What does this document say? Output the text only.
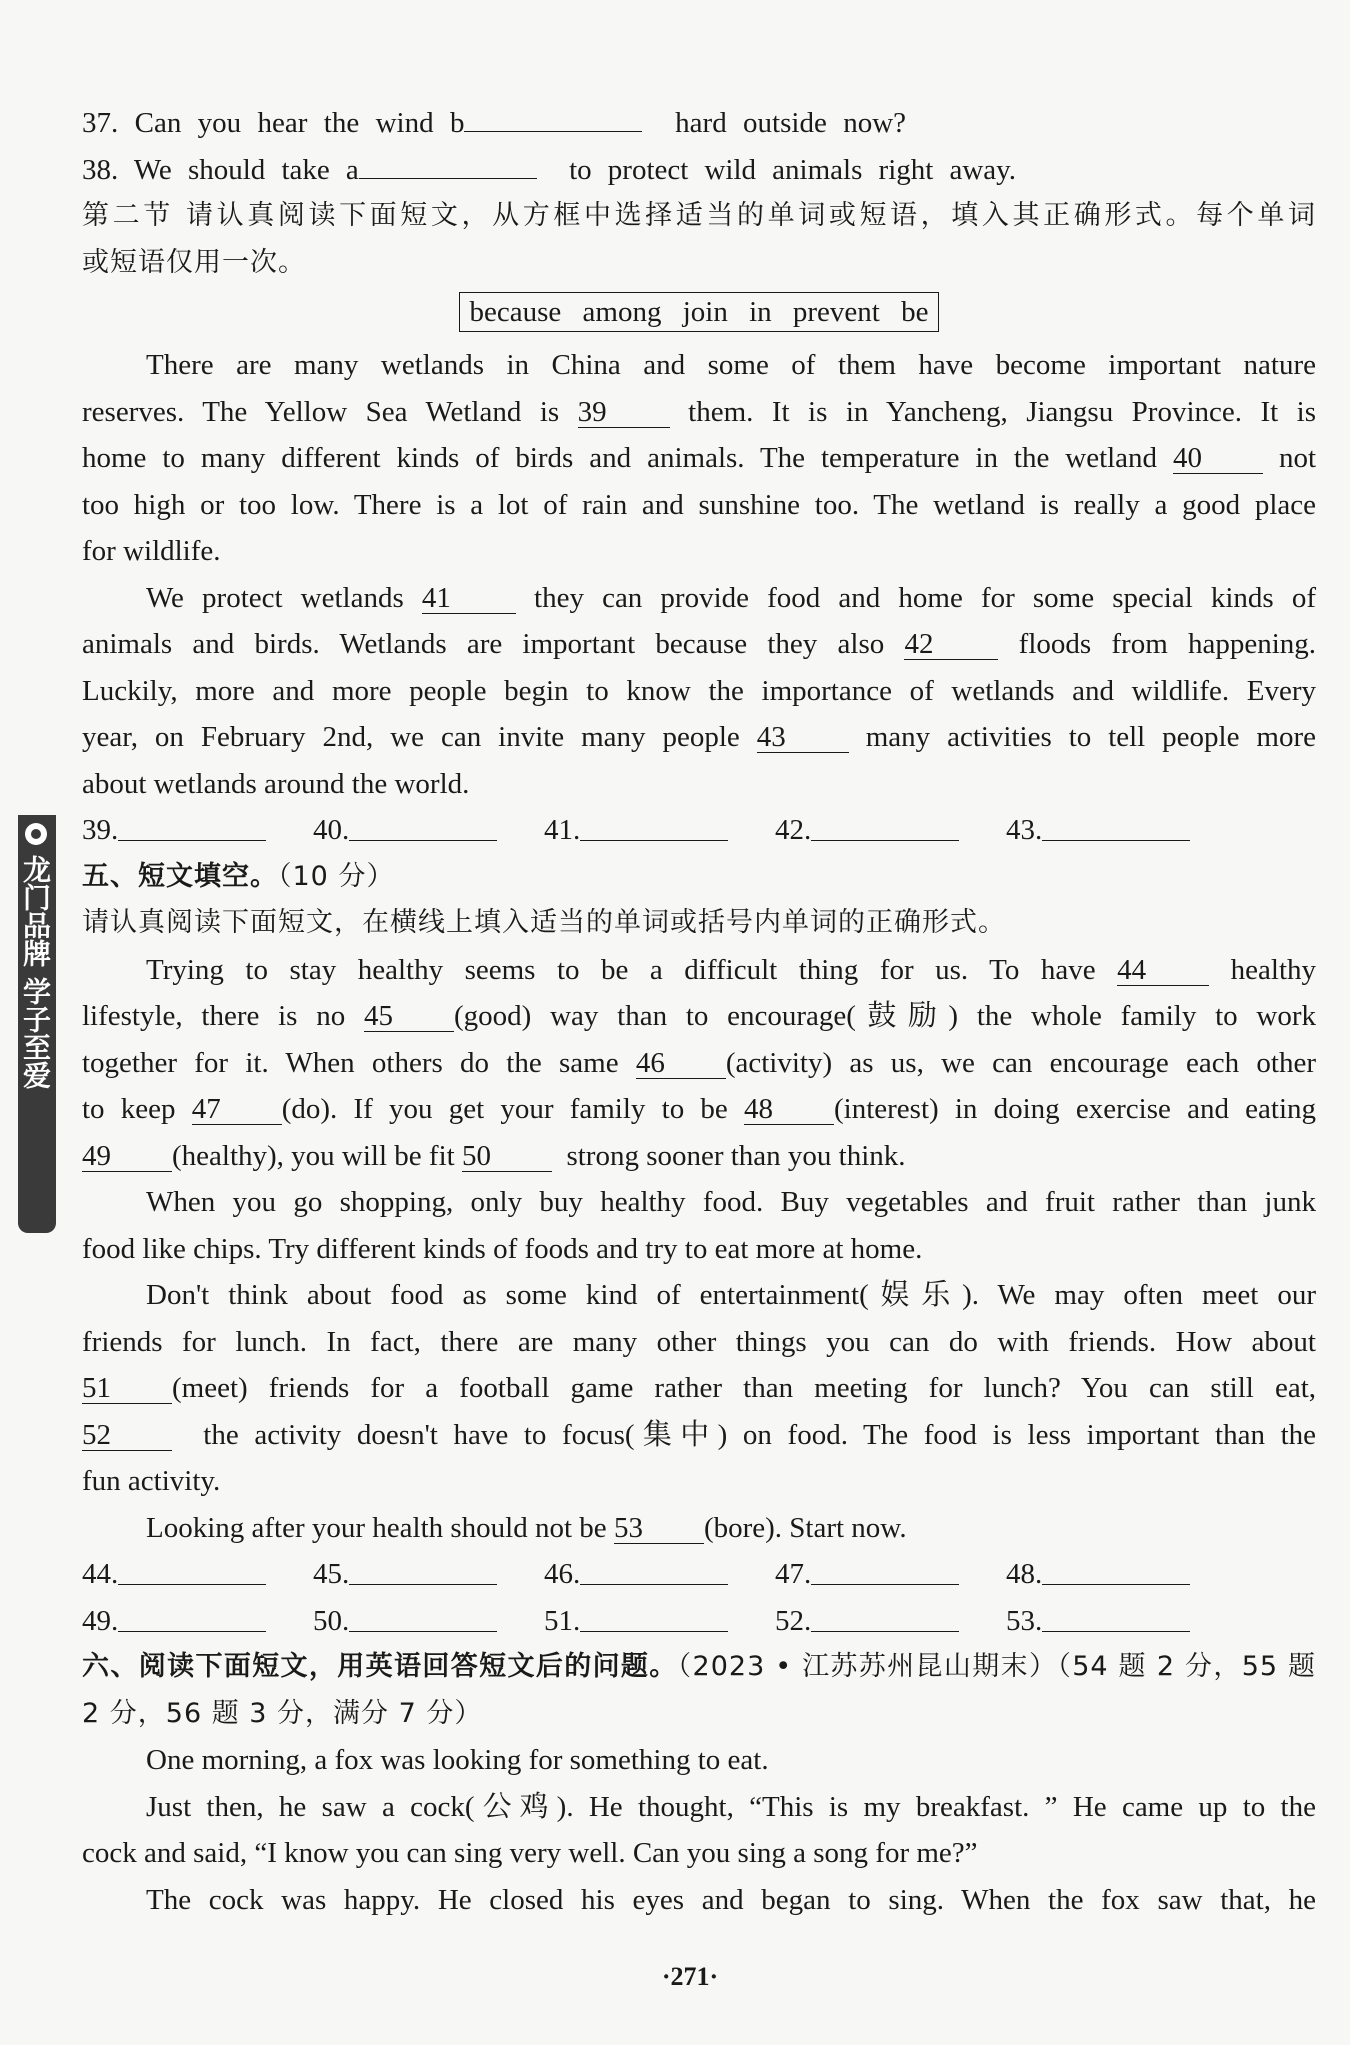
龙门品牌 学子至爱
37. Can you hear the wind b	hard outside now?
38. We should take a	to protect wild animals right away.
第二节 请认真阅读下面短文，从方框中选择适当的单词或短语，填入其正确形式。每个单词
或短语仅用一次。
because among join in prevent be
There are many wetlands in China and some of them have become important nature
reserves. The Yellow Sea Wetland is 39	them. It is in Yancheng, Jiangsu Province. It is
home to many different kinds of birds and animals. The temperature in the wetland 40	not
too high or too low. There is a lot of rain and sunshine too. The wetland is really a good place
for wildlife.
We protect wetlands 41	they can provide food and home for some special kinds of
animals and birds. Wetlands are important because they also 42	floods from happening.
Luckily, more and more people begin to know the importance of wetlands and wildlife. Every
year, on February 2nd, we can invite many people 43	many activities to tell people more
about wetlands around the world.
39.	40.	41.	42.	43.
五、短文填空。（10 分）
请认真阅读下面短文，在横线上填入适当的单词或括号内单词的正确形式。
Trying to stay healthy seems to be a difficult thing for us. To have 44	healthy
lifestyle, there is no 45 (good) way than to encourage(鼓励) the whole family to work
together for it. When others do the same 46 (activity) as us, we can encourage each other
to keep 47 (do). If you get your family to be 48 (interest) in doing exercise and eating
49 (healthy), you will be fit 50	strong sooner than you think.
When you go shopping, only buy healthy food. Buy vegetables and fruit rather than junk
food like chips. Try different kinds of foods and try to eat more at home.
Don't think about food as some kind of entertainment(娱乐). We may often meet our
friends for lunch. In fact, there are many other things you can do with friends. How about
51 (meet) friends for a football game rather than meeting for lunch? You can still eat,
52	the activity doesn't have to focus(集中) on food. The food is less important than the
fun activity.
Looking after your health should not be 53 (bore). Start now.
44.	45.	46.	47.	48.
49.	50.	51.	52.	53.
六、阅读下面短文，用英语回答短文后的问题。（2023 • 江苏苏州昆山期末）（54 题 2 分，55 题
2 分，56 题 3 分，满分 7 分）
One morning, a fox was looking for something to eat.
Just then, he saw a cock(公鸡). He thought, “This is my breakfast. ” He came up to the
cock and said, “I know you can sing very well. Can you sing a song for me?”
The cock was happy. He closed his eyes and began to sing. When the fox saw that, he
·271·
